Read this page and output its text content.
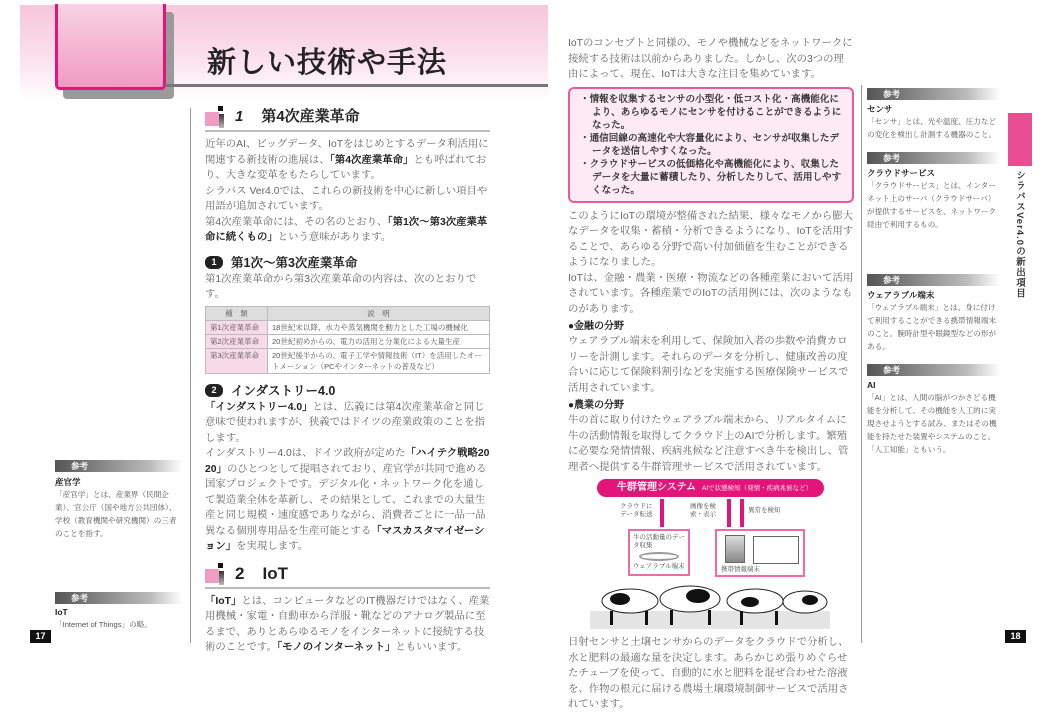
新しい技術や手法
1 第4次産業革命

近年のAI、ビッグデータ、IoTをはじめとするデータ利活用に関連する新技術の進展は、「第4次産業革命」とも呼ばれており、大きな変革をもたらしています。

シラバス Ver4.0では、これらの新技術を中心に新しい項目や用語が追加されています。

第4次産業革命には、その名のとおり、「第1次～第3次産業革命に続くもの」という意味があります。

1	第1次～第3次産業革命

第1次産業革命から第3次産業革命の内容は、次のとおりです。

種　類	説　明
第1次産業革命	18世紀末以降、水力や蒸気機関を動力とした工場の機械化
第2次産業革命	20世紀初めからの、電力の活用と分業化による大量生産
第3次産業革命	20世紀後半からの、電子工学や情報技術（IT）を活用したオートメーション（PCやインターネットの普及など）
2	インダストリー4.0

「インダストリー4.0」とは、広義には第4次産業革命と同じ意味で使われますが、狭義ではドイツの産業政策のことを指します。

インダストリー4.0は、ドイツ政府が定めた「ハイテク戦略2020」のひとつとして提唱されており、産官学が共同で進める国家プロジェクトです。デジタル化・ネットワーク化を通して製造業全体を革新し、その結果として、これまでの大量生産と同じ規模・速度感でありながら、消費者ごとに一品一品異なる個別専用品を生産可能とする「マスカスタマイゼーション」を実現します。

2 IoT

「IoT」とは、コンピュータなどのIT機器だけではなく、産業用機械・家電・自動車から洋服・靴などのアナログ製品に至るまで、ありとあらゆるモノをインターネットに接続する技術のことです。「モノのインターネット」ともいいます。

参考
産官学
「産官学」とは、産業界（民間企業）、官公庁（国や地方公共団体）、学校（教育機関や研究機関）の三者のことを指す。
参考
IoT
「Internet of Things」の略。
17

IoTのコンセプトと同様の、モノや機械などをネットワークに接続する技術は以前からありました。しかし、次の3つの理由によって、現在、IoTは大きな注目を集めています。

・情報を収集するセンサの小型化・低コスト化・高機能化により、あらゆるモノにセンサを付けることができるようになった。
・通信回線の高速化や大容量化により、センサが収集したデータを送信しやすくなった。
・クラウドサービスの低価格化や高機能化により、収集したデータを大量に蓄積したり、分析したりして、活用しやすくなった。

このようにIoTの環境が整備された結果、様々なモノから膨大なデータを収集・蓄積・分析できるようになり、IoTを活用することで、あらゆる分野で高い付加価値を生むことができるようになりました。

IoTは、金融・農業・医療・物流などの各種産業において活用されています。各種産業でのIoTの活用例には、次のようなものがあります。

●金融の分野

ウェアラブル端末を利用して、保険加入者の歩数や消費カロリーを計測します。それらのデータを分析し、健康改善の度合いに応じて保険料割引などを実施する医療保険サービスで活用されています。

●農業の分野

牛の首に取り付けたウェアラブル端末から、リアルタイムに牛の活動情報を取得してクラウド上のAIで分析します。繁殖に必要な発情情報、疾病兆候など注意すべき牛を検出し、管理者へ提供する牛群管理サービスで活用されています。

牛群管理システム AIで状態検知（発情・疾病兆候など）
クラウドにデータ転送
画像を検索・表示
異常を検知
牛の活動量のデータ収集
ウェアラブル端末	携帯情報端末

日射センサと土壌センサからのデータをクラウドで分析し、水と肥料の最適な量を決定します。あらかじめ張りめぐらせたチューブを使って、自動的に水と肥料を混ぜ合わせた溶液を、作物の根元に届ける農場土壌環境制御サービスで活用されています。

参考
センサ
「センサ」とは、光や温度、圧力などの変化を検出し計測する機器のこと。
参考
クラウドサービス
「クラウドサービス」とは、インターネット上のサーバ（クラウドサーバ）が提供するサービスを、ネットワーク経由で利用するもの。
参考
ウェアラブル端末
「ウェアラブル端末」とは、身に付けて利用することができる携帯情報端末のこと。腕時計型や眼鏡型などの形がある。
参考
AI
「AI」とは、人間の脳がつかさどる機能を分析して、その機能を人工的に実現させようとする試み、またはその機能を持たせた装置やシステムのこと。「人工知能」ともいう。
シラバスVer4.0の新出項目
18
